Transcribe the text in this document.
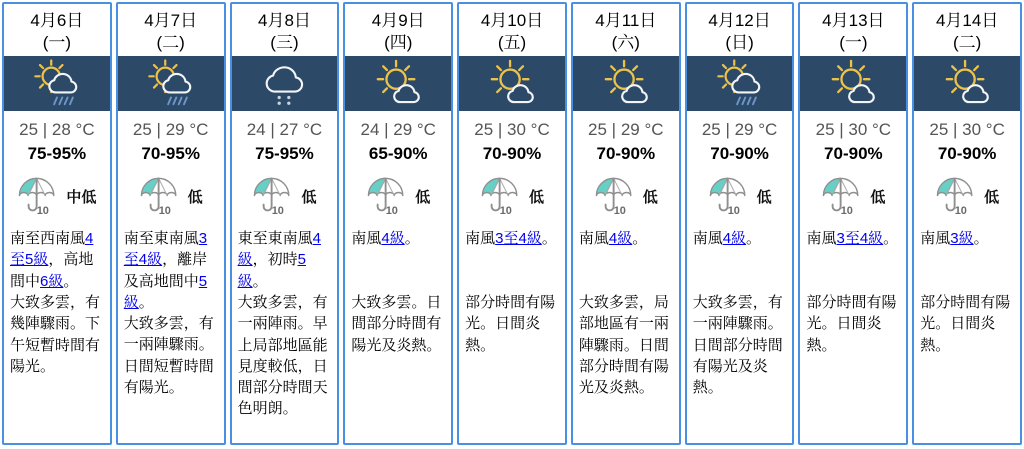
4月6日
(一)
25 | 28 °C
75-95%
10
中低

南至西南風4至5級，高地間中6級。

大致多雲，有幾陣驟雨。下午短暫時間有陽光。

4月7日
(二)
25 | 29 °C
70-95%
10
低

南至東南風3至4級，離岸及高地間中5級。

大致多雲，有一兩陣驟雨。日間短暫時間有陽光。

4月8日
(三)
24 | 27 °C
75-95%
10
低

東至東南風4級，初時5級。

大致多雲，有一兩陣雨。早上局部地區能見度較低，日間部分時間天色明朗。

4月9日
(四)
24 | 29 °C
65-90%
10
低

南風4級。

大致多雲。日間部分時間有陽光及炎熱。

4月10日
(五)
25 | 30 °C
70-90%
10
低

南風3至4級。

部分時間有陽光。日間炎熱。

4月11日
(六)
25 | 29 °C
70-90%
10
低

南風4級。

大致多雲，局部地區有一兩陣驟雨。日間部分時間有陽光及炎熱。

4月12日
(日)
25 | 29 °C
70-90%
10
低

南風4級。

大致多雲，有一兩陣驟雨。日間部分時間有陽光及炎熱。

4月13日
(一)
25 | 30 °C
70-90%
10
低

南風3至4級。

部分時間有陽光。日間炎熱。

4月14日
(二)
25 | 30 °C
70-90%
10
低

南風3級。

部分時間有陽光。日間炎熱。
